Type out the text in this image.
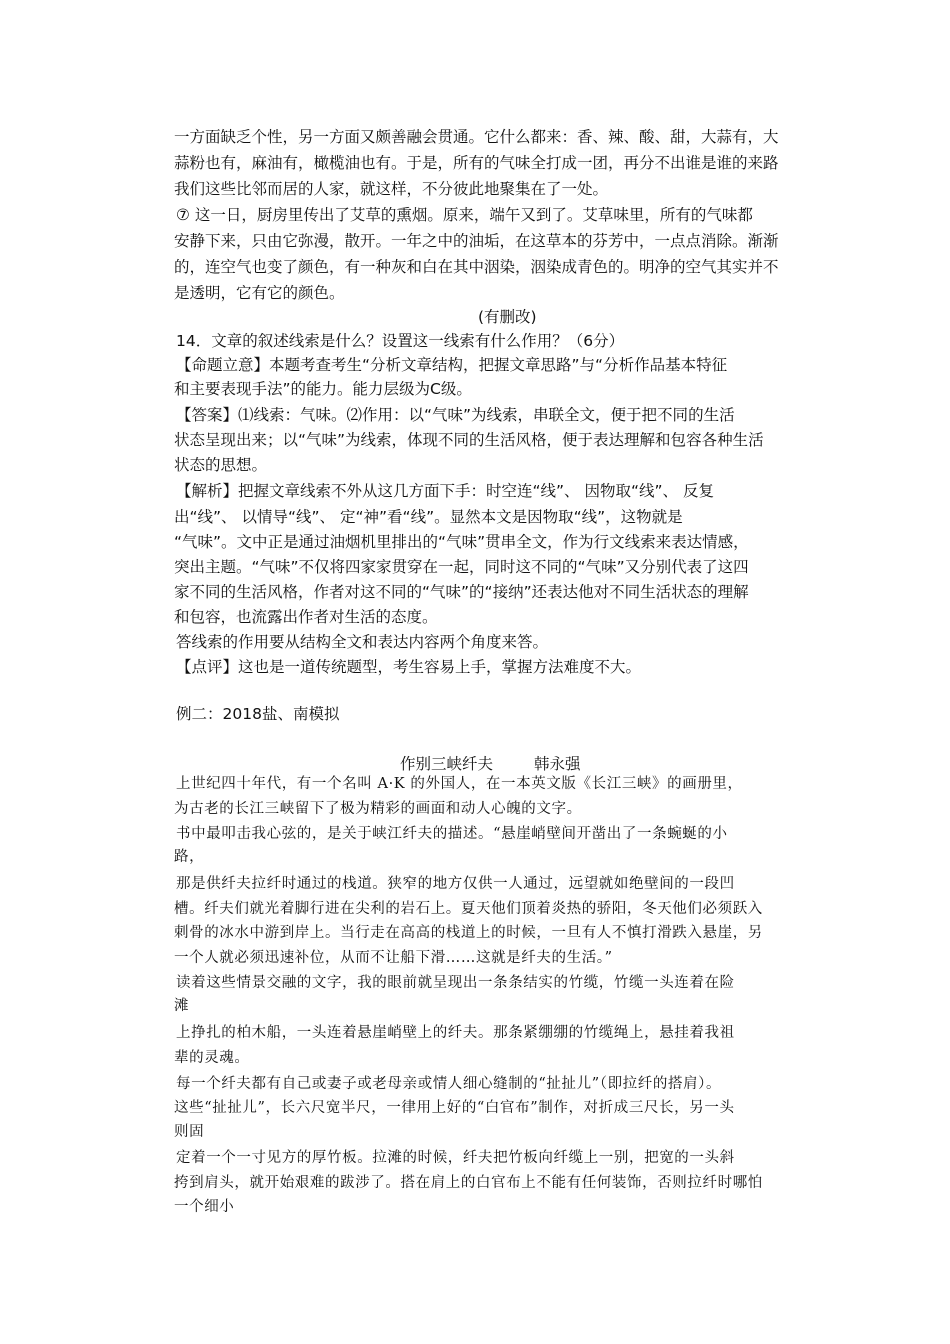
一方面缺乏个性，另一方面又颇善融会贯通。它什么都来：香、辣、酸、甜，大蒜有，大
蒜粉也有，麻油有，橄榄油也有。于是，所有的气味全打成一团，再分不出谁是谁的来路
我们这些比邻而居的人家，就这样，不分彼此地聚集在了一处。
⑦ 这一日，厨房里传出了艾草的熏烟。原来，端午又到了。艾草味里，所有的气味都
安静下来，只由它弥漫，散开。一年之中的油垢，在这草本的芬芳中，一点点消除。渐渐
的，连空气也变了颜色，有一种灰和白在其中洇染，洇染成青色的。明净的空气其实并不
是透明，它有它的颜色。
(有删改)
14．文章的叙述线索是什么？设置这一线索有什么作用？（6分）
【命题立意】本题考查考生“分析文章结构，把握文章思路”与“分析作品基本特征
和主要表现手法”的能力。能力层级为C级。
【答案】⑴线索：气味。⑵作用：以“气味”为线索，串联全文，便于把不同的生活
状态呈现出来；以“气味”为线索，体现不同的生活风格，便于表达理解和包容各种生活
状态的思想。
【解析】把握文章线索不外从这几方面下手：时空连“线”、 因物取“线”、 反复
出“线”、 以情导“线”、 定“神”看“线”。显然本文是因物取“线”，这物就是
“气味”。文中正是通过油烟机里排出的“气味”贯串全文，作为行文线索来表达情感，
突出主题。“气味”不仅将四家家贯穿在一起，同时这不同的“气味”又分别代表了这四
家不同的生活风格，作者对这不同的“气味”的“接纳”还表达他对不同生活状态的理解
和包容，也流露出作者对生活的态度。
答线索的作用要从结构全文和表达内容两个角度来答。
【点评】这也是一道传统题型，考生容易上手，掌握方法难度不大。
例二：2018盐、南模拟
作别三峡纤夫	韩永强
上世纪四十年代，有一个名叫 A·K 的外国人，在一本英文版《长江三峡》的画册里，
为古老的长江三峡留下了极为精彩的画面和动人心魄的文字。
书中最叩击我心弦的，是关于峡江纤夫的描述。“悬崖峭壁间开凿出了一条蜿蜒的小
路，
那是供纤夫拉纤时通过的栈道。狭窄的地方仅供一人通过，远望就如绝壁间的一段凹
槽。纤夫们就光着脚行进在尖利的岩石上。夏天他们顶着炎热的骄阳，冬天他们必须跃入
刺骨的冰水中游到岸上。当行走在高高的栈道上的时候，一旦有人不慎打滑跌入悬崖，另
一个人就必须迅速补位，从而不让船下滑……这就是纤夫的生活。”
读着这些情景交融的文字，我的眼前就呈现出一条条结实的竹缆，竹缆一头连着在险
滩
上挣扎的柏木船，一头连着悬崖峭壁上的纤夫。那条紧绷绷的竹缆绳上，悬挂着我祖
辈的灵魂。
每一个纤夫都有自己或妻子或老母亲或情人细心缝制的“扯扯儿”（即拉纤的搭肩）。
这些“扯扯儿”，长六尺宽半尺，一律用上好的“白官布”制作，对折成三尺长，另一头
则固
定着一个一寸见方的厚竹板。拉滩的时候，纤夫把竹板向纤缆上一别，把宽的一头斜
挎到肩头，就开始艰难的跋涉了。搭在肩上的白官布上不能有任何装饰，否则拉纤时哪怕
一个细小
